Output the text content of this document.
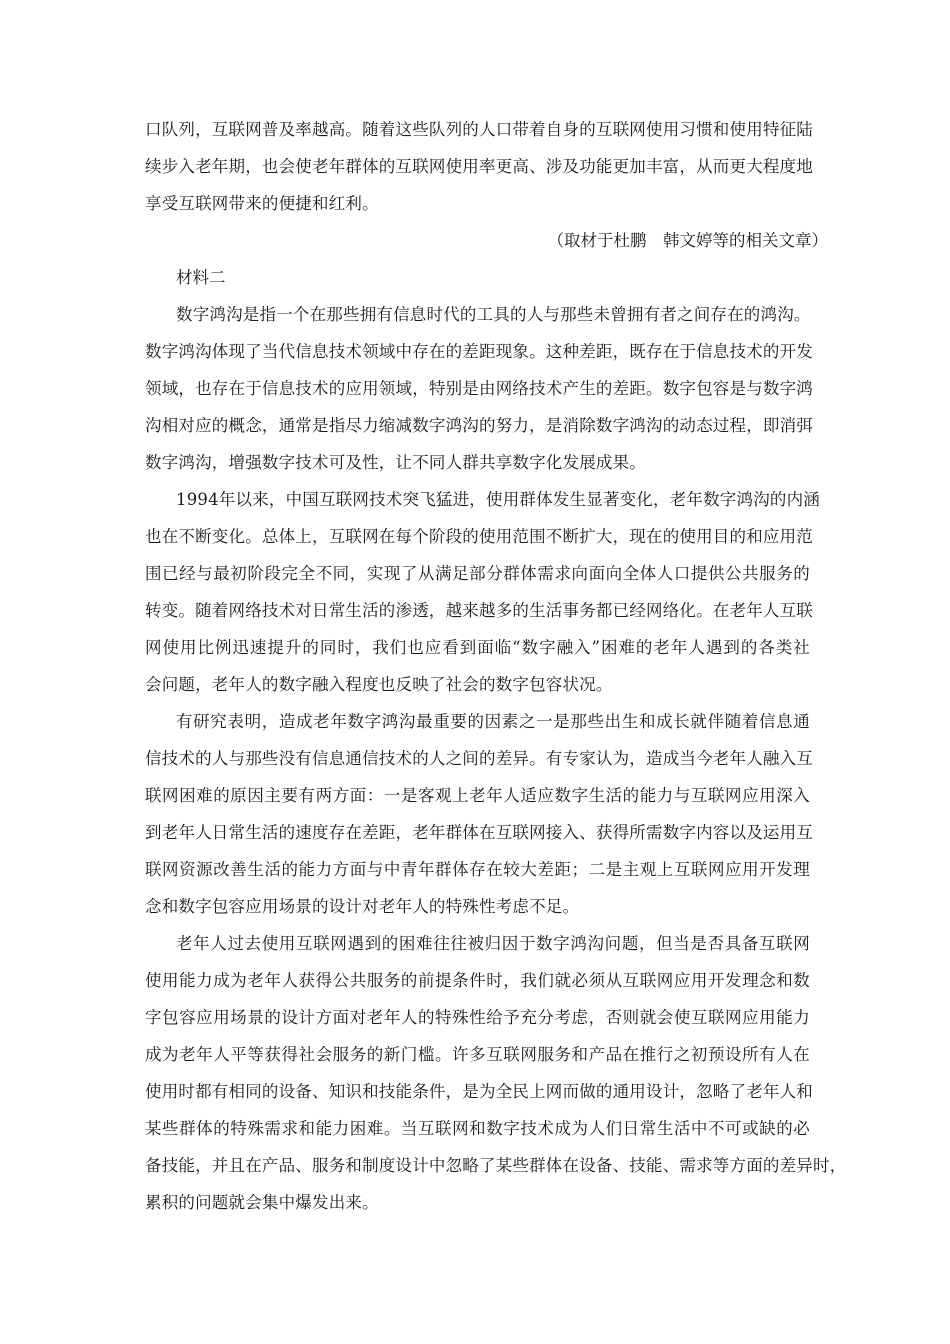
口队列，互联网普及率越高。随着这些队列的人口带着自身的互联网使用习惯和使用特征陆
续步入老年期，也会使老年群体的互联网使用率更高、涉及功能更加丰富，从而更大程度地
享受互联网带来的便捷和红利。
（取材于杜鹏　韩文婷等的相关文章）
材料二
数字鸿沟是指一个在那些拥有信息时代的工具的人与那些未曾拥有者之间存在的鸿沟。
数字鸿沟体现了当代信息技术领域中存在的差距现象。这种差距，既存在于信息技术的开发
领域，也存在于信息技术的应用领域，特别是由网络技术产生的差距。数字包容是与数字鸿
沟相对应的概念，通常是指尽力缩减数字鸿沟的努力，是消除数字鸿沟的动态过程，即消弭
数字鸿沟，增强数字技术可及性，让不同人群共享数字化发展成果。
1994年以来，中国互联网技术突飞猛进，使用群体发生显著变化，老年数字鸿沟的内涵
也在不断变化。总体上，互联网在每个阶段的使用范围不断扩大，现在的使用目的和应用范
围已经与最初阶段完全不同，实现了从满足部分群体需求向面向全体人口提供公共服务的
转变。随着网络技术对日常生活的渗透，越来越多的生活事务都已经网络化。在老年人互联
网使用比例迅速提升的同时，我们也应看到面临“数字融入”困难的老年人遇到的各类社
会问题，老年人的数字融入程度也反映了社会的数字包容状况。
有研究表明，造成老年数字鸿沟最重要的因素之一是那些出生和成长就伴随着信息通
信技术的人与那些没有信息通信技术的人之间的差异。有专家认为，造成当今老年人融入互
联网困难的原因主要有两方面：一是客观上老年人适应数字生活的能力与互联网应用深入
到老年人日常生活的速度存在差距，老年群体在互联网接入、获得所需数字内容以及运用互
联网资源改善生活的能力方面与中青年群体存在较大差距；二是主观上互联网应用开发理
念和数字包容应用场景的设计对老年人的特殊性考虑不足。
老年人过去使用互联网遇到的困难往往被归因于数字鸿沟问题，但当是否具备互联网
使用能力成为老年人获得公共服务的前提条件时，我们就必须从互联网应用开发理念和数
字包容应用场景的设计方面对老年人的特殊性给予充分考虑，否则就会使互联网应用能力
成为老年人平等获得社会服务的新门槛。许多互联网服务和产品在推行之初预设所有人在
使用时都有相同的设备、知识和技能条件，是为全民上网而做的通用设计，忽略了老年人和
某些群体的特殊需求和能力困难。当互联网和数字技术成为人们日常生活中不可或缺的必
备技能，并且在产品、服务和制度设计中忽略了某些群体在设备、技能、需求等方面的差异时，
累积的问题就会集中爆发出来。
